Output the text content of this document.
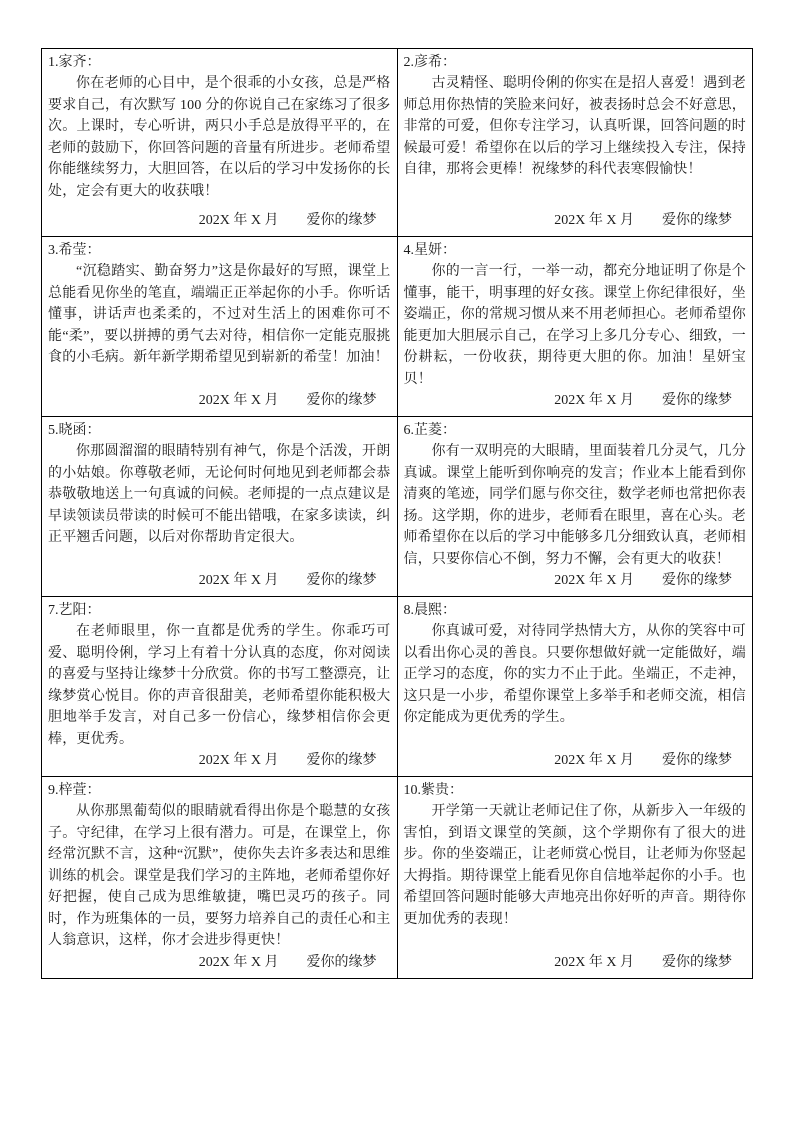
1.家齐：

你在老师的心目中，是个很乖的小女孩，总是严格要求自己，有次默写 100 分的你说自己在家练习了很多次。上课时，专心听讲，两只小手总是放得平平的，在老师的鼓励下，你回答问题的音量有所进步。老师希望你能继续努力，大胆回答，在以后的学习中发扬你的长处，定会有更大的收获哦！

202X 年 X 月　　爱你的缘梦

2.彦希：

古灵精怪、聪明伶俐的你实在是招人喜爱！遇到老师总用你热情的笑脸来问好，被表扬时总会不好意思，非常的可爱，但你专注学习，认真听课，回答问题的时候最可爱！希望你在以后的学习上继续投入专注，保持自律，那将会更棒！祝缘梦的科代表寒假愉快！

202X 年 X 月　　爱你的缘梦

3.希莹：

“沉稳踏实、勤奋努力”这是你最好的写照，课堂上总能看见你坐的笔直，端端正正举起你的小手。你听话懂事，讲话声也柔柔的，不过对生活上的困难你可不能“柔”，要以拼搏的勇气去对待，相信你一定能克服挑食的小毛病。新年新学期希望见到崭新的希莹！加油！

202X 年 X 月　　爱你的缘梦

4.星妍：

你的一言一行，一举一动，都充分地证明了你是个懂事，能干，明事理的好女孩。课堂上你纪律很好，坐姿端正，你的常规习惯从来不用老师担心。老师希望你能更加大胆展示自己，在学习上多几分专心、细致，一份耕耘，一份收获，期待更大胆的你。加油！星妍宝贝！

202X 年 X 月　　爱你的缘梦

5.晓函：

你那圆溜溜的眼睛特别有神气，你是个活泼，开朗的小姑娘。你尊敬老师，无论何时何地见到老师都会恭恭敬敬地送上一句真诚的问候。老师提的一点点建议是早读领读员带读的时候可不能出错哦，在家多读读，纠正平翘舌问题，以后对你帮助肯定很大。

202X 年 X 月　　爱你的缘梦

6.芷菱：

你有一双明亮的大眼睛，里面装着几分灵气，几分真诚。课堂上能听到你响亮的发言；作业本上能看到你清爽的笔迹，同学们愿与你交往，数学老师也常把你表扬。这学期，你的进步，老师看在眼里，喜在心头。老师希望你在以后的学习中能够多几分细致认真，老师相信，只要你信心不倒，努力不懈，会有更大的收获！

202X 年 X 月　　爱你的缘梦

7.艺阳：

在老师眼里，你一直都是优秀的学生。你乖巧可爱、聪明伶俐，学习上有着十分认真的态度，你对阅读的喜爱与坚持让缘梦十分欣赏。你的书写工整漂亮，让缘梦赏心悦目。你的声音很甜美，老师希望你能积极大胆地举手发言，对自己多一份信心，缘梦相信你会更棒，更优秀。

202X 年 X 月　　爱你的缘梦

8.晨熙：

你真诚可爱，对待同学热情大方，从你的笑容中可以看出你心灵的善良。只要你想做好就一定能做好，端正学习的态度，你的实力不止于此。坐端正，不走神，这只是一小步，希望你课堂上多举手和老师交流，相信你定能成为更优秀的学生。

202X 年 X 月　　爱你的缘梦

9.梓萱：

从你那黑葡萄似的眼睛就看得出你是个聪慧的女孩子。守纪律，在学习上很有潜力。可是，在课堂上，你经常沉默不言，这种“沉默”，使你失去许多表达和思维训练的机会。课堂是我们学习的主阵地，老师希望你好好把握，使自己成为思维敏捷，嘴巴灵巧的孩子。同时，作为班集体的一员，要努力培养自己的责任心和主人翁意识，这样，你才会进步得更快！

202X 年 X 月　　爱你的缘梦

10.紫贵：

开学第一天就让老师记住了你，从新步入一年级的害怕，到语文课堂的笑颜，这个学期你有了很大的进步。你的坐姿端正，让老师赏心悦目，让老师为你竖起大拇指。期待课堂上能看见你自信地举起你的小手。也希望回答问题时能够大声地亮出你好听的声音。期待你更加优秀的表现！

202X 年 X 月　　爱你的缘梦
